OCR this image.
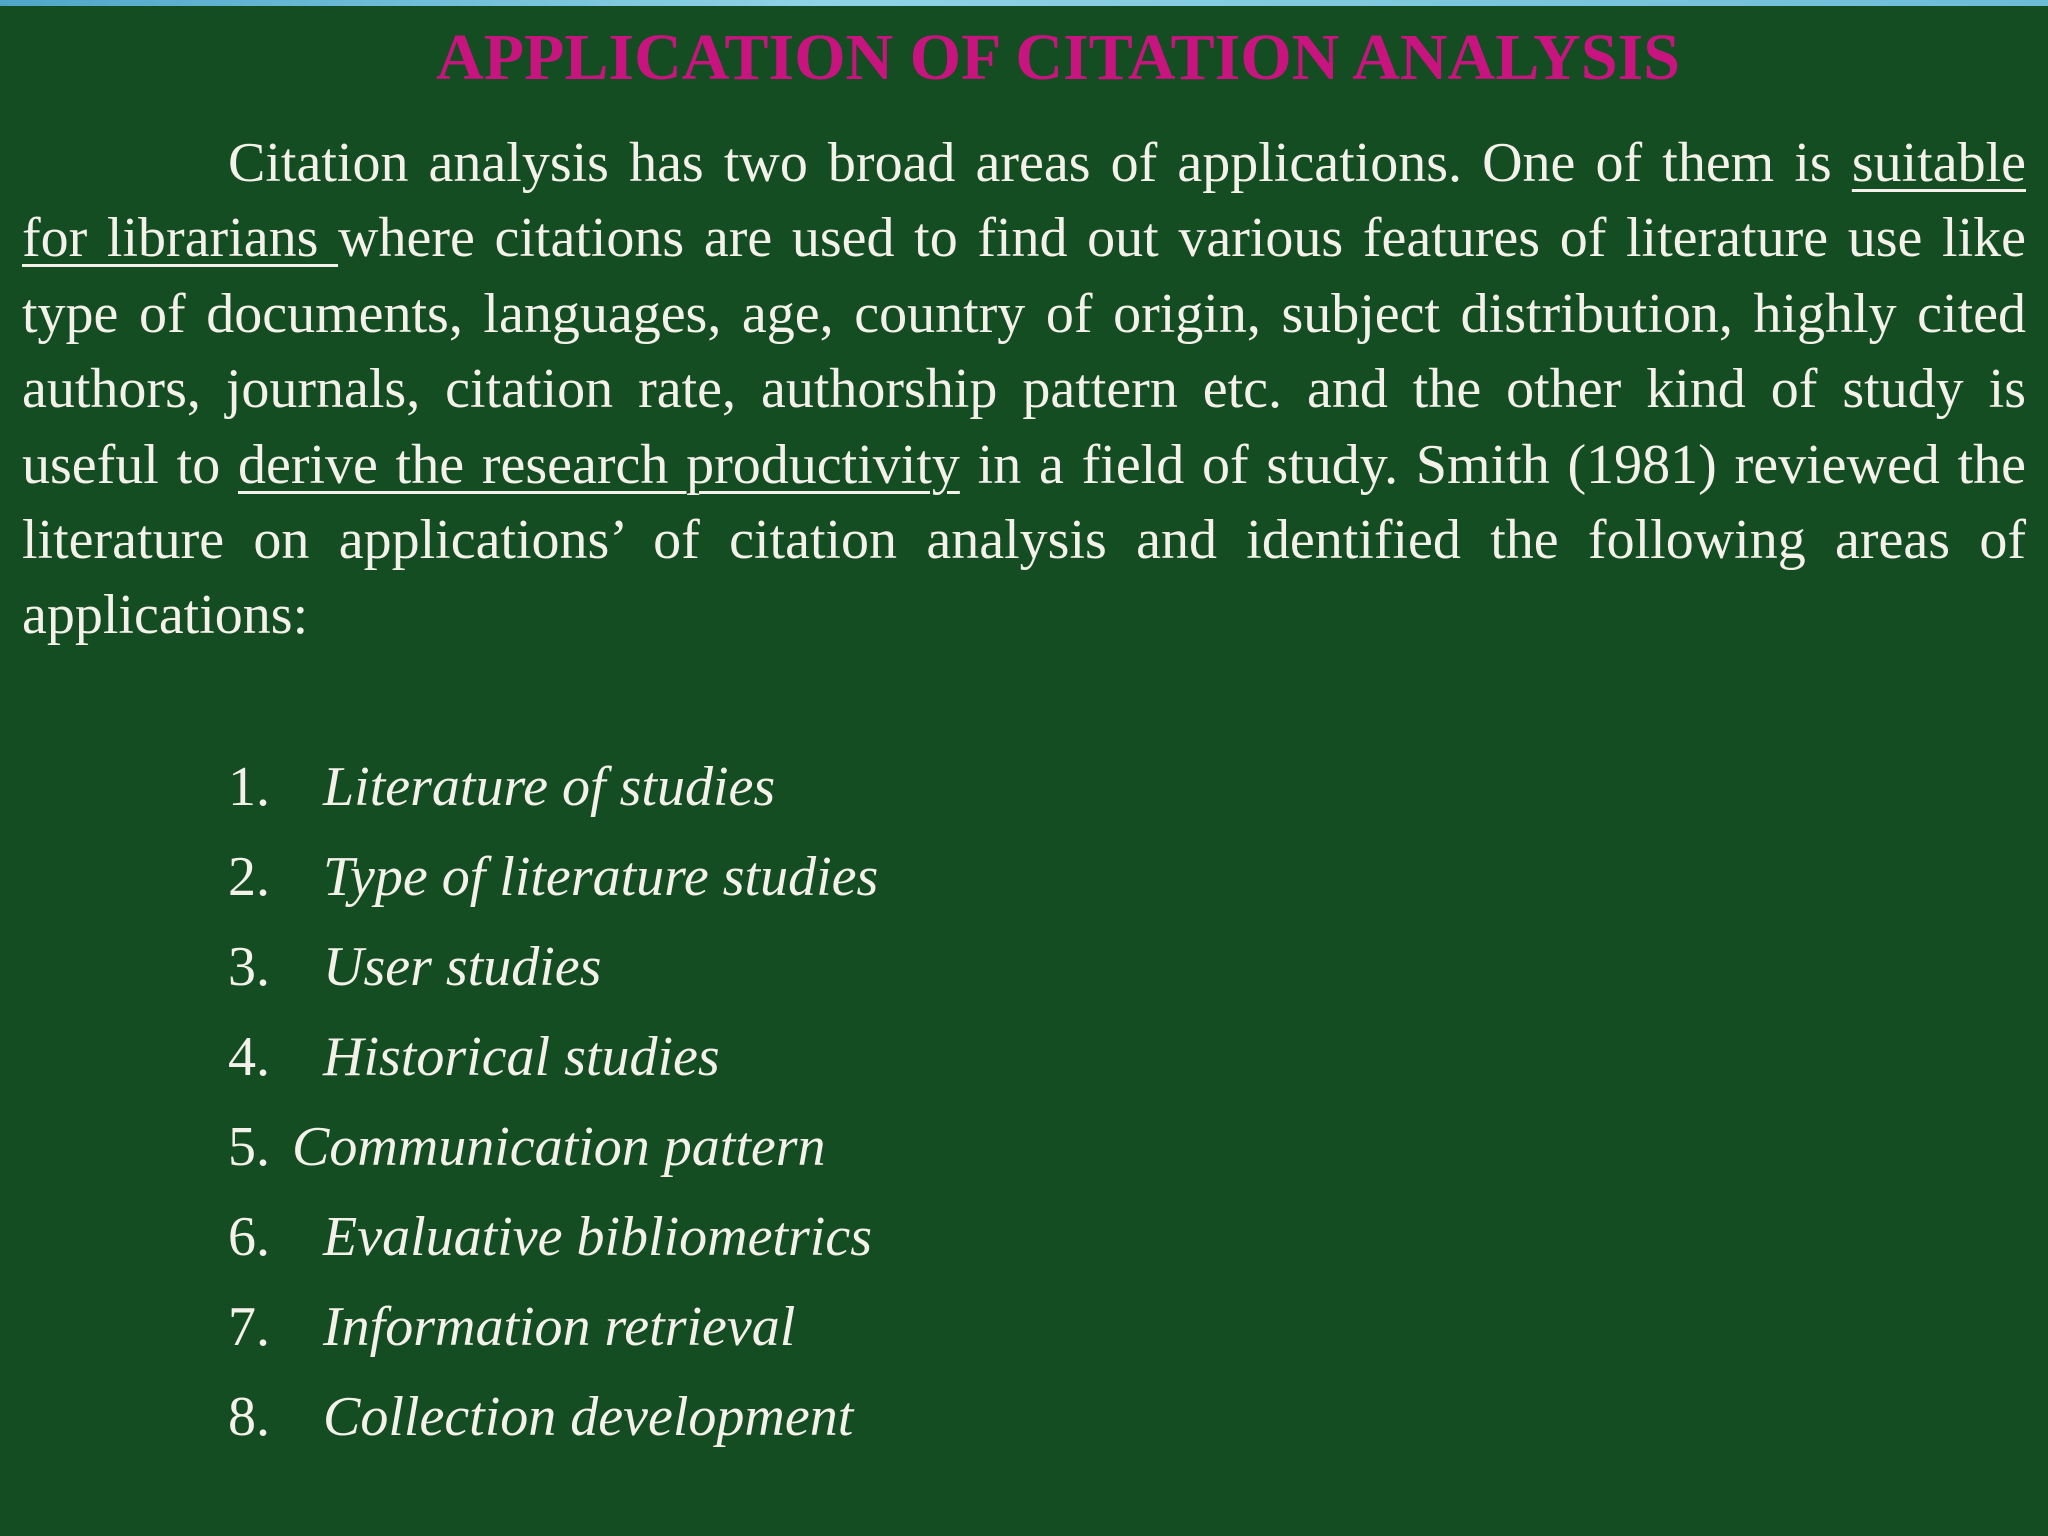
APPLICATION OF CITATION ANALYSIS

Citation analysis has two broad areas of applications. One of them is suitable for librarians where citations are used to find out various features of literature use like type of documents, languages, age, country of origin, subject distribution, highly cited authors, journals, citation rate, authorship pattern etc. and the other kind of study is useful to derive the research productivity in a field of study. Smith (1981) reviewed the literature on applications’ of citation analysis and identified the following areas of applications:

1. Literature of studies
2. Type of literature studies
3. User studies
4. Historical studies
5. Communication pattern
6. Evaluative bibliometrics
7. Information retrieval
8. Collection development
